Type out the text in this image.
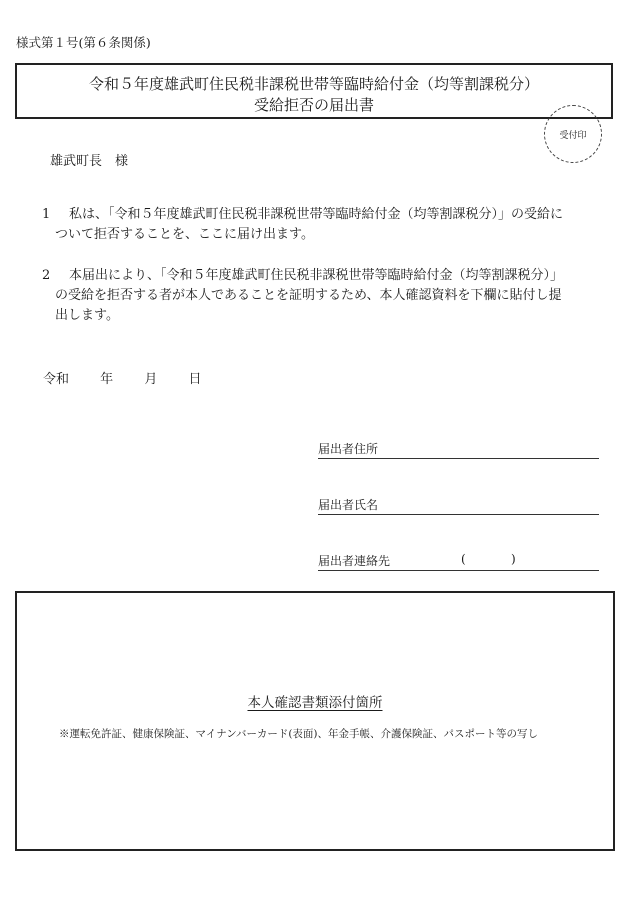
様式第１号(第６条関係)
令和５年度雄武町住民税非課税世帯等臨時給付金（均等割課税分）
受給拒否の届出書
受付印
雄武町長　様
1	私は、「令和５年度雄武町住民税非課税世帯等臨時給付金（均等割課税分）」の受給に
ついて拒否することを、ここに届け出ます。
2	本届出により、「令和５年度雄武町住民税非課税世帯等臨時給付金（均等割課税分）」
の受給を拒否する者が本人であることを証明するため、本人確認資料を下欄に貼付し提
出します。
令和 年 月 日
届出者住所
届出者氏名
届出者連絡先	(	)
本人確認書類添付箇所
※運転免許証、健康保険証、マイナンバーカード(表面)、年金手帳、介護保険証、パスポート等の写し
